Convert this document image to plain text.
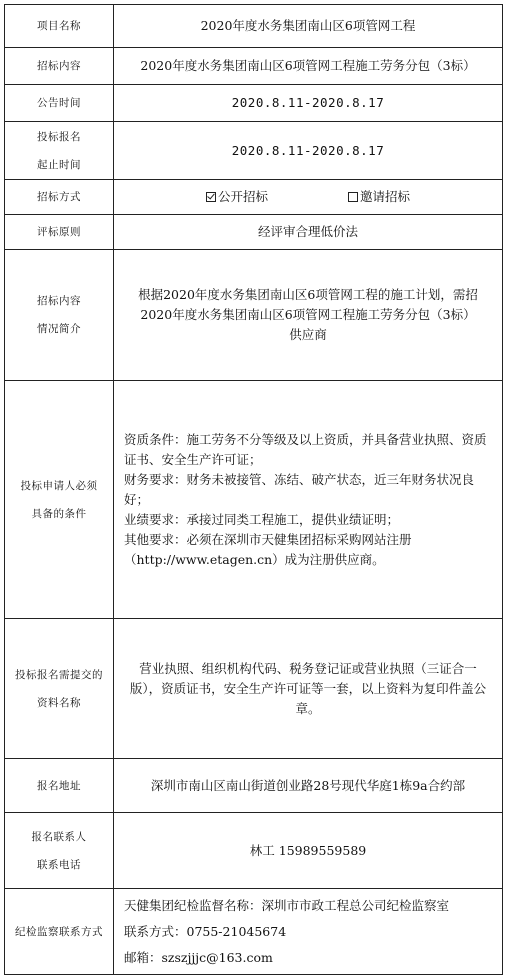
项目名称	2020年度水务集团南山区6项管网工程
招标内容	2020年度水务集团南山区6项管网工程施工劳务分包（3标）
公告时间	2020.8.11-2020.8.17

投标报名
起止时间	2020.8.11-2020.8.17
招标方式	公开招标 邀请招标
评标原则	经评审合理低价法

招标内容
情况简介	根据2020年度水务集团南山区6项管网工程的施工计划，需招
2020年度水务集团南山区6项管网工程施工劳务分包（3标）
供应商

投标申请人必须
具备的条件	资质条件：施工劳务不分等级及以上资质，并具备营业执照、资质证书、安全生产许可证；
财务要求：财务未被接管、冻结、破产状态，近三年财务状况良好；
业绩要求：承接过同类工程施工，提供业绩证明；
其他要求：必须在深圳市天健集团招标采购网站注册（http://www.etagen.cn）成为注册供应商。

投标报名需提交的
资料名称	营业执照、组织机构代码、税务登记证或营业执照（三证合一版），资质证书，安全生产许可证等一套，以上资料为复印件盖公章。
报名地址	深圳市南山区南山街道创业路28号现代华庭1栋9a合约部

报名联系人
联系电话	林工 15989559589
纪检监察联系方式	天健集团纪检监督名称：深圳市市政工程总公司纪检监察室
联系方式：0755-21045674
邮箱：szszjjjc@163.com
